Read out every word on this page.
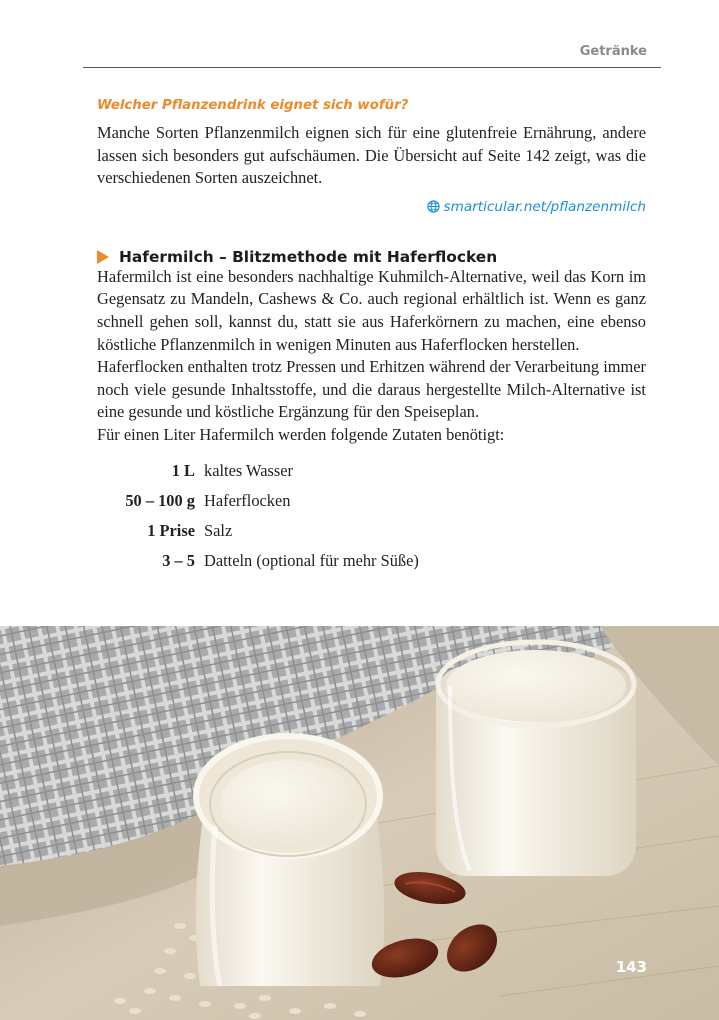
Getränke
Welcher Pflanzendrink eignet sich wofür?

Manche Sorten Pflanzenmilch eignen sich für eine glutenfreie Ernährung, andere lassen sich besonders gut aufschäumen. Die Übersicht auf Seite 142 zeigt, was die verschiedenen Sorten auszeichnet.

smarticular.net/pflanzenmilch
Hafermilch – Blitzmethode mit Haferflocken

Hafermilch ist eine besonders nachhaltige Kuhmilch-Alternative, weil das Korn im Gegensatz zu Mandeln, Cashews & Co. auch regional erhältlich ist. Wenn es ganz schnell gehen soll, kannst du, statt sie aus Haferkörnern zu machen, eine ebenso köstliche Pflanzenmilch in wenigen Minuten aus Haferflocken herstellen.

Haferflocken enthalten trotz Pressen und Erhitzen während der Verarbeitung immer noch viele gesunde Inhaltsstoffe, und die daraus hergestellte Milch-Alternative ist eine gesunde und köstliche Ergänzung für den Speiseplan.

Für einen Liter Hafermilch werden folgende Zutaten benötigt:

1 L kaltes Wasser
50 – 100 g Haferflocken
1 Prise Salz
3 – 5 Datteln (optional für mehr Süße)
143
